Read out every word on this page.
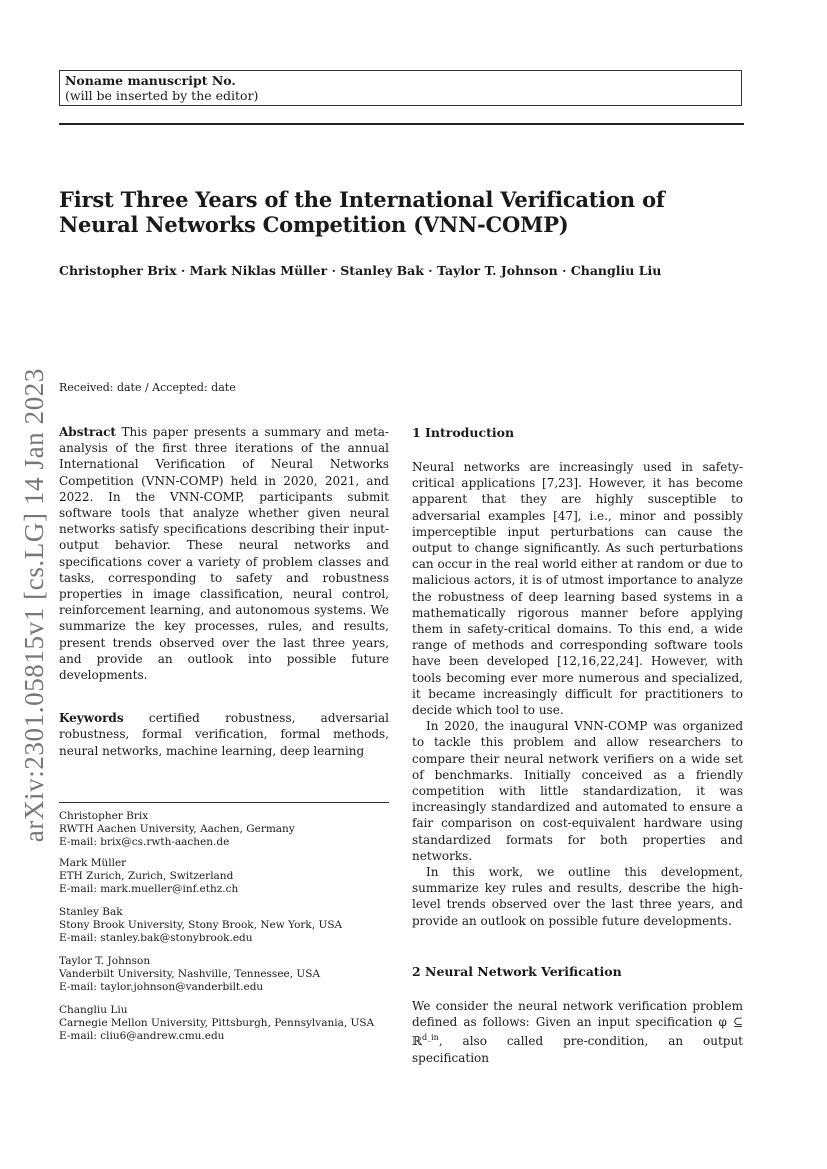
Noname manuscript No.
(will be inserted by the editor)
First Three Years of the International Verification of Neural Networks Competition (VNN-COMP)
Christopher Brix · Mark Niklas Müller · Stanley Bak · Taylor T. Johnson · Changliu Liu
arXiv:2301.05815v1 [cs.LG] 14 Jan 2023 Received: date / Accepted: date

Abstract This paper presents a summary and meta-analysis of the first three iterations of the annual International Verification of Neural Networks Competition (VNN-COMP) held in 2020, 2021, and 2022. In the VNN-COMP, participants submit software tools that analyze whether given neural networks satisfy specifications describing their input-output behavior. These neural networks and specifications cover a variety of problem classes and tasks, corresponding to safety and robustness properties in image classification, neural control, reinforcement learning, and autonomous systems. We summarize the key processes, rules, and results, present trends observed over the last three years, and provide an outlook into possible future developments.

Keywords certified robustness, adversarial robustness, formal verification, formal methods, neural networks, machine learning, deep learning

Christopher Brix
RWTH Aachen University, Aachen, Germany
E-mail: brix@cs.rwth-aachen.de
Mark Müller
ETH Zurich, Zurich, Switzerland
E-mail: mark.mueller@inf.ethz.ch
Stanley Bak
Stony Brook University, Stony Brook, New York, USA
E-mail: stanley.bak@stonybrook.edu
Taylor T. Johnson
Vanderbilt University, Nashville, Tennessee, USA
E-mail: taylor.johnson@vanderbilt.edu
Changliu Liu
Carnegie Mellon University, Pittsburgh, Pennsylvania, USA
E-mail: cliu6@andrew.cmu.edu
1 Introduction

Neural networks are increasingly used in safety-critical applications [7,23]. However, it has become apparent that they are highly susceptible to adversarial examples [47], i.e., minor and possibly imperceptible input perturbations can cause the output to change significantly. As such perturbations can occur in the real world either at random or due to malicious actors, it is of utmost importance to analyze the robustness of deep learning based systems in a mathematically rigorous manner before applying them in safety-critical domains. To this end, a wide range of methods and corresponding software tools have been developed [12,16,22,24]. However, with tools becoming ever more numerous and specialized, it became increasingly difficult for practitioners to decide which tool to use.

In 2020, the inaugural VNN-COMP was organized to tackle this problem and allow researchers to compare their neural network verifiers on a wide set of benchmarks. Initially conceived as a friendly competition with little standardization, it was increasingly standardized and automated to ensure a fair comparison on cost-equivalent hardware using standardized formats for both properties and networks.

In this work, we outline this development, summarize key rules and results, describe the high-level trends observed over the last three years, and provide an outlook on possible future developments.

2 Neural Network Verification

We consider the neural network verification problem defined as follows: Given an input specification φ ⊆ ℝ$^{d\_in}$, also called pre-condition, an output specification
